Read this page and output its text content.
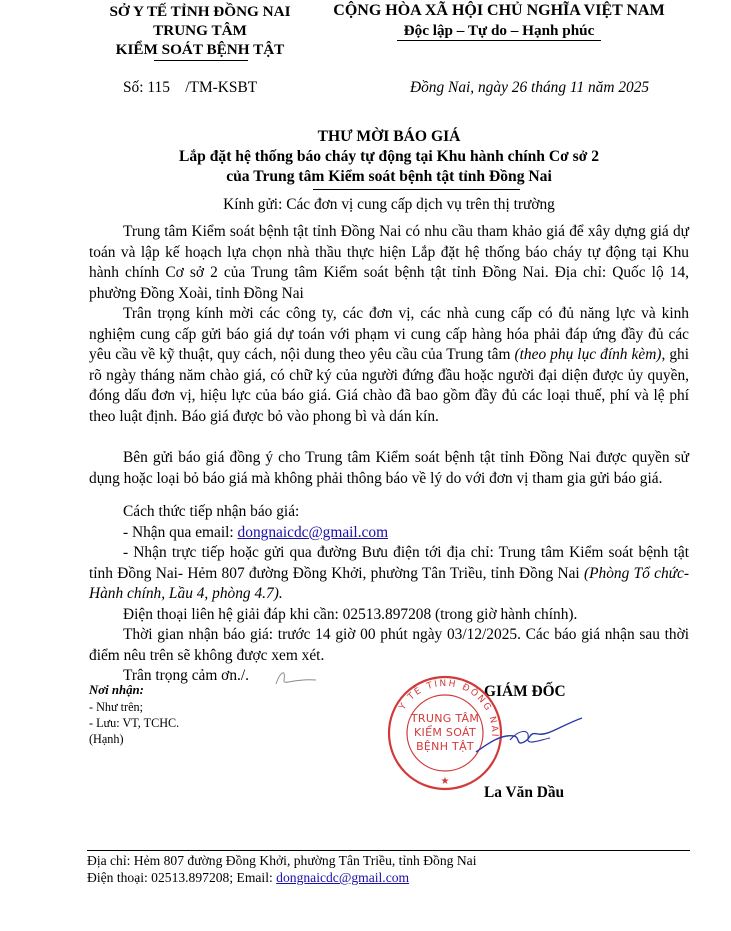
SỞ Y TẾ TỈNH ĐỒNG NAI
TRUNG TÂM
KIỂM SOÁT BỆNH TẬT
CỘNG HÒA XÃ HỘI CHỦ NGHĨA VIỆT NAM
Độc lập – Tự do – Hạnh phúc
Số: 115    /TM-KSBT	Đồng Nai, ngày 26 tháng 11 năm 2025
THƯ MỜI BÁO GIÁ
Lắp đặt hệ thống báo cháy tự động tại Khu hành chính Cơ sở 2
của Trung tâm Kiểm soát bệnh tật tỉnh Đồng Nai
Kính gửi: Các đơn vị cung cấp dịch vụ trên thị trường
Trung tâm Kiểm soát bệnh tật tỉnh Đồng Nai có nhu cầu tham khảo giá để xây dựng giá dự toán và lập kế hoạch lựa chọn nhà thầu thực hiện Lắp đặt hệ thống báo cháy tự động tại Khu hành chính Cơ sở 2 của Trung tâm Kiểm soát bệnh tật tỉnh Đồng Nai. Địa chỉ: Quốc lộ 14, phường Đồng Xoài, tỉnh Đồng Nai
Trân trọng kính mời các công ty, các đơn vị, các nhà cung cấp có đủ năng lực và kinh nghiệm cung cấp gửi báo giá dự toán với phạm vi cung cấp hàng hóa phải đáp ứng đầy đủ các yêu cầu về kỹ thuật, quy cách, nội dung theo yêu cầu của Trung tâm (theo phụ lục đính kèm), ghi rõ ngày tháng năm chào giá, có chữ ký của người đứng đầu hoặc người đại diện được ủy quyền, đóng dấu đơn vị, hiệu lực của báo giá. Giá chào đã bao gồm đầy đủ các loại thuế, phí và lệ phí theo luật định. Báo giá được bỏ vào phong bì và dán kín.
Bên gửi báo giá đồng ý cho Trung tâm Kiểm soát bệnh tật tỉnh Đồng Nai được quyền sử dụng hoặc loại bỏ báo giá mà không phải thông báo về lý do với đơn vị tham gia gửi báo giá.
Cách thức tiếp nhận báo giá:
- Nhận qua email: dongnaicdc@gmail.com
- Nhận trực tiếp hoặc gửi qua đường Bưu điện tới địa chỉ: Trung tâm Kiểm soát bệnh tật tỉnh Đồng Nai- Hẻm 807 đường Đồng Khởi, phường Tân Triều, tỉnh Đồng Nai (Phòng Tổ chức- Hành chính, Lầu 4, phòng 4.7).
Điện thoại liên hệ giải đáp khi cần: 02513.897208 (trong giờ hành chính).
Thời gian nhận báo giá: trước 14 giờ 00 phút ngày 03/12/2025. Các báo giá nhận sau thời điểm nêu trên sẽ không được xem xét.
Trân trọng cảm ơn./.
Nơi nhận:
- Như trên;
- Lưu: VT, TCHC.
(Hạnh)
GIÁM ĐỐC
Y TẾ TỈNH ĐỒNG NAI
★
TRUNG TÂM
KIỂM SOÁT
BỆNH TẬT
La Văn Dầu
Địa chỉ: Hẻm 807 đường Đồng Khởi, phường Tân Triều, tỉnh Đồng Nai
Điện thoại: 02513.897208; Email: dongnaicdc@gmail.com
